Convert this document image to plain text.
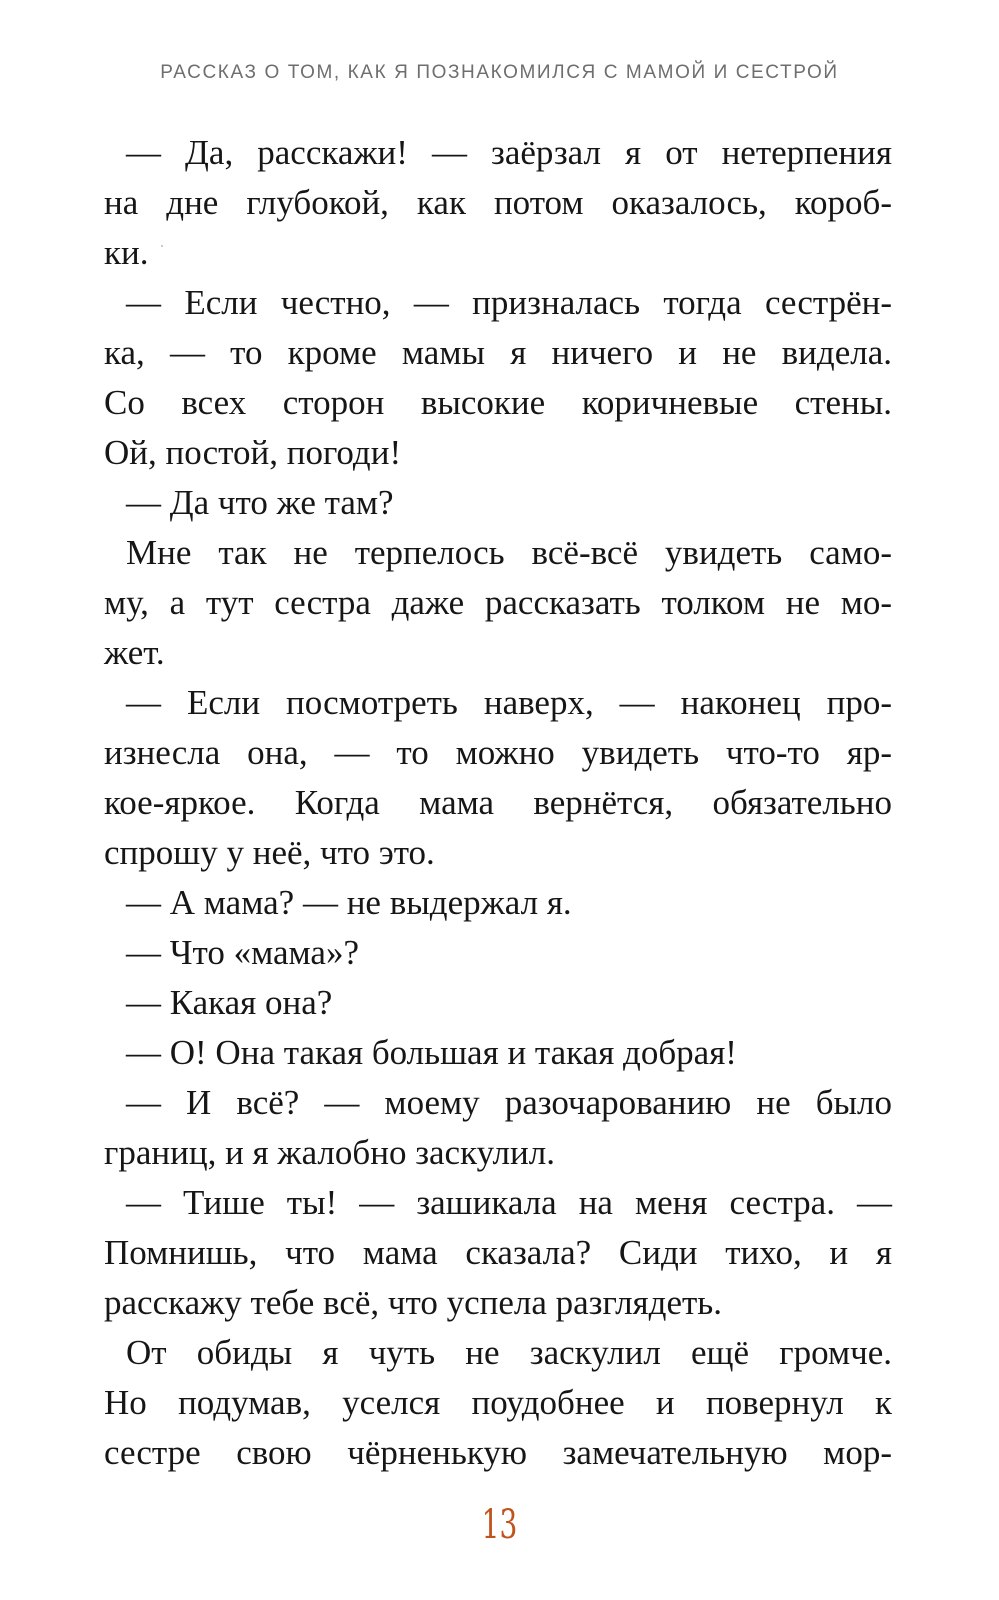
РАССКАЗ О ТОМ, КАК Я ПОЗНАКОМИЛСЯ С МАМОЙ И СЕСТРОЙ
— Да, расскажи! — заёрзал я от нетерпения
на дне глубокой, как потом оказалось, короб-
ки.
— Если честно, — призналась тогда сестрён-
ка, — то кроме мамы я ничего и не видела.
Со всех сторон высокие коричневые стены.
Ой, постой, погоди!
— Да что же там?
Мне так не терпелось всё-всё увидеть само-
му, а тут сестра даже рассказать толком не мо-
жет.
— Если посмотреть наверх, — наконец про-
изнесла она, — то можно увидеть что-то яр-
кое-яркое. Когда мама вернётся, обязательно
спрошу у неё, что это.
— А мама? — не выдержал я.
— Что «мама»?
— Какая она?
— О! Она такая большая и такая добрая!
— И всё? — моему разочарованию не было
границ, и я жалобно заскулил.
— Тише ты! — зашикала на меня сестра. —
Помнишь, что мама сказала? Сиди тихо, и я
расскажу тебе всё, что успела разглядеть.
От обиды я чуть не заскулил ещё громче.
Но подумав, уселся поудобнее и повернул к
сестре свою чёрненькую замечательную мор-
13
